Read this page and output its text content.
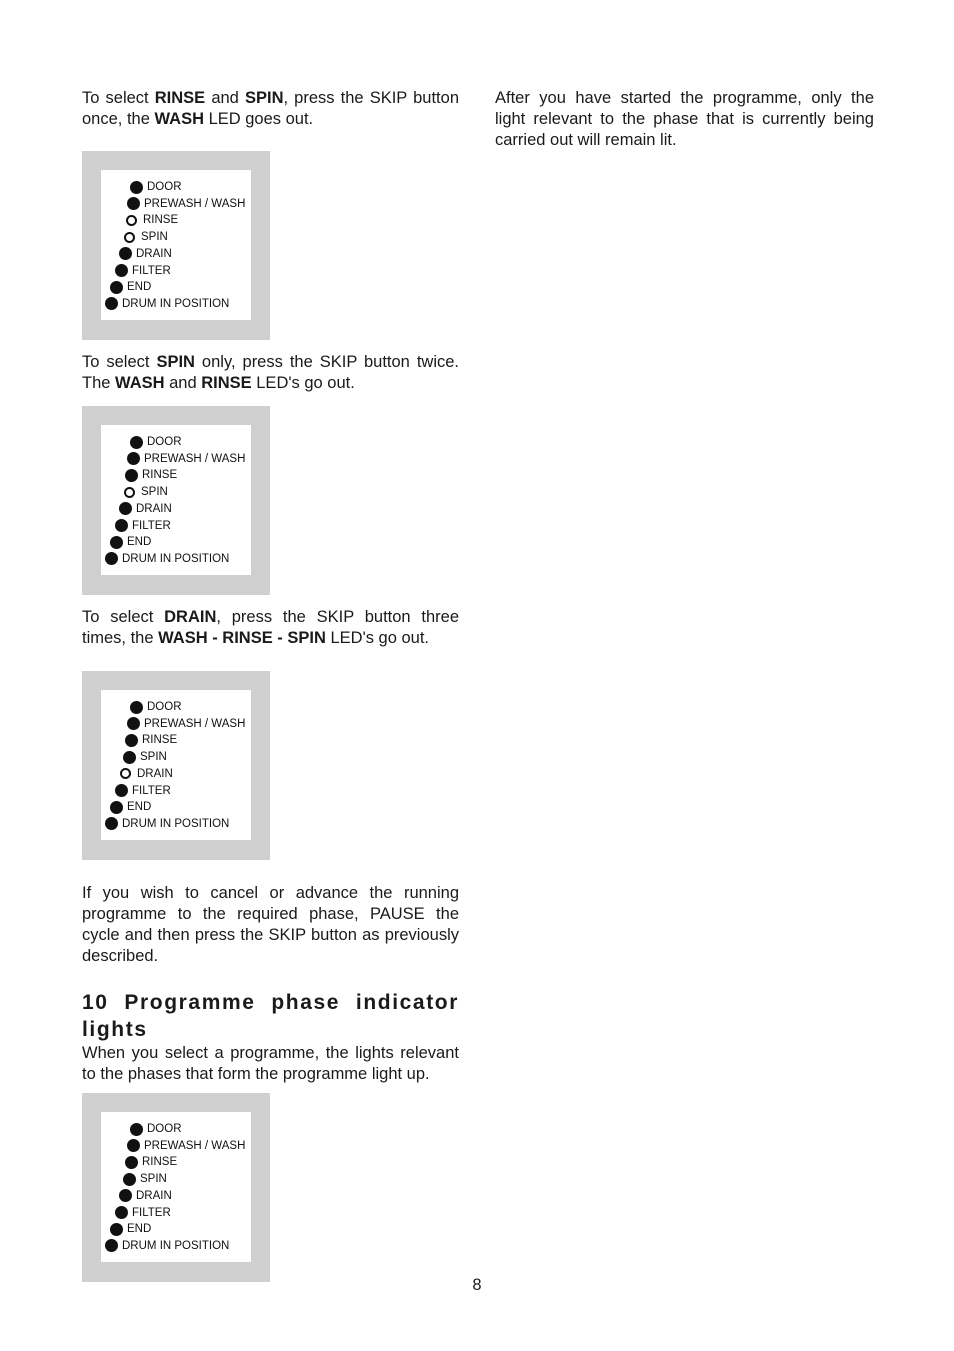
To select RINSE and SPIN, press the SKIP button once, the WASH LED goes out.

DOOR
PREWASH / WASH
RINSE
SPIN
DRAIN
FILTER
END
DRUM IN POSITION

To select SPIN only, press the SKIP button twice. The WASH and RINSE LED's go out.

DOOR
PREWASH / WASH
RINSE
SPIN
DRAIN
FILTER
END
DRUM IN POSITION

To select DRAIN, press the SKIP button three times, the WASH - RINSE - SPIN LED's go out.

DOOR
PREWASH / WASH
RINSE
SPIN
DRAIN
FILTER
END
DRUM IN POSITION

If you wish to cancel or advance the running programme to the required phase, PAUSE the cycle and then press the SKIP button as previously described.

10 Programme phase indicator lights

When you select a programme, the lights relevant to the phases that form the programme light up.

DOOR
PREWASH / WASH
RINSE
SPIN
DRAIN
FILTER
END
DRUM IN POSITION

After you have started the programme, only the light relevant to the phase that is currently being carried out will remain lit.

8
